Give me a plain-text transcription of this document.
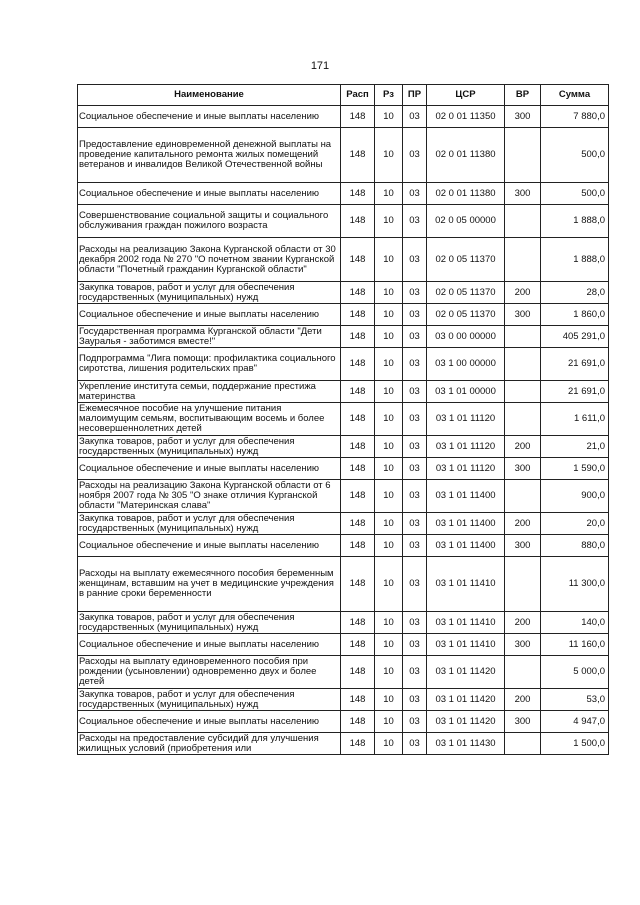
171
Наименование	Расп	Рз	ПР	ЦСР	ВР	Сумма
Социальное обеспечение и иные выплаты населению	148	10	03	02 0 01 11350	300	7 880,0
Предоставление единовременной денежной выплаты на проведение капитального ремонта жилых помещений ветеранов и инвалидов Великой Отечественной войны	148	10	03	02 0 01 11380		500,0
Социальное обеспечение и иные выплаты населению	148	10	03	02 0 01 11380	300	500,0
Совершенствование социальной защиты и социального обслуживания граждан пожилого возраста	148	10	03	02 0 05 00000		1 888,0
Расходы на реализацию Закона Курганской области от 30 декабря 2002 года № 270 "О почетном звании Курганской области "Почетный гражданин Курганской области"	148	10	03	02 0 05 11370		1 888,0
Закупка товаров, работ и услуг для обеспечения государственных (муниципальных) нужд	148	10	03	02 0 05 11370	200	28,0
Социальное обеспечение и иные выплаты населению	148	10	03	02 0 05 11370	300	1 860,0
Государственная программа Курганской области "Дети Зауралья - заботимся вместе!"	148	10	03	03 0 00 00000		405 291,0
Подпрограмма "Лига помощи: профилактика социального сиротства, лишения родительских прав"	148	10	03	03 1 00 00000		21 691,0
Укрепление института семьи, поддержание престижа материнства	148	10	03	03 1 01 00000		21 691,0
Ежемесячное пособие на улучшение питания малоимущим семьям, воспитывающим восемь и более несовершеннолетних детей	148	10	03	03 1 01 11120		1 611,0
Закупка товаров, работ и услуг для обеспечения государственных (муниципальных) нужд	148	10	03	03 1 01 11120	200	21,0
Социальное обеспечение и иные выплаты населению	148	10	03	03 1 01 11120	300	1 590,0
Расходы на реализацию Закона Курганской области от 6 ноября 2007 года № 305 "О знаке отличия Курганской области "Материнская слава"	148	10	03	03 1 01 11400		900,0
Закупка товаров, работ и услуг для обеспечения государственных (муниципальных) нужд	148	10	03	03 1 01 11400	200	20,0
Социальное обеспечение и иные выплаты населению	148	10	03	03 1 01 11400	300	880,0
Расходы на выплату ежемесячного пособия беременным женщинам, вставшим на учет в медицинские учреждения в ранние сроки беременности	148	10	03	03 1 01 11410		11 300,0
Закупка товаров, работ и услуг для обеспечения государственных (муниципальных) нужд	148	10	03	03 1 01 11410	200	140,0
Социальное обеспечение и иные выплаты населению	148	10	03	03 1 01 11410	300	11 160,0
Расходы на выплату единовременного пособия при рождении (усыновлении) одновременно двух и более детей	148	10	03	03 1 01 11420		5 000,0
Закупка товаров, работ и услуг для обеспечения государственных (муниципальных) нужд	148	10	03	03 1 01 11420	200	53,0
Социальное обеспечение и иные выплаты населению	148	10	03	03 1 01 11420	300	4 947,0
Расходы на предоставление субсидий для улучшения жилищных условий (приобретения или	148	10	03	03 1 01 11430		1 500,0
